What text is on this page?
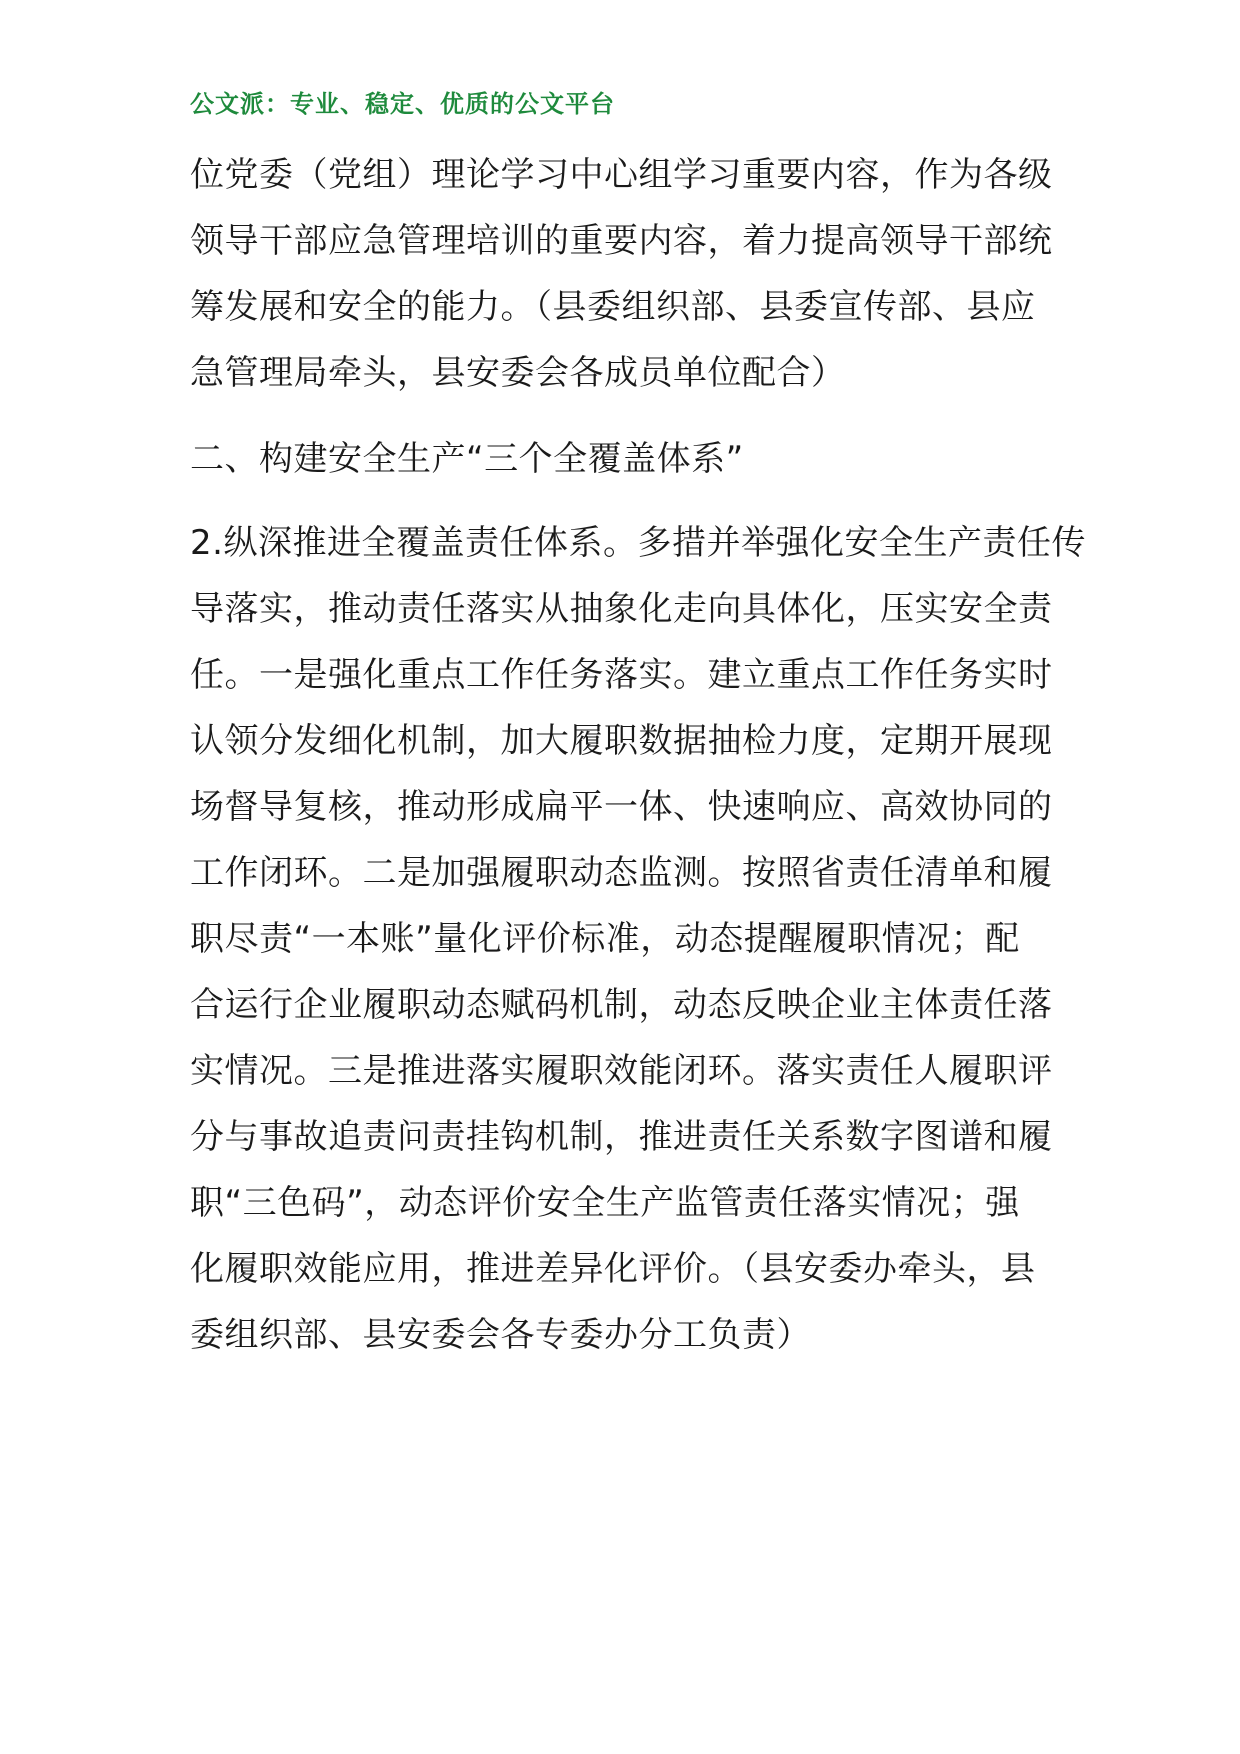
公文派：专业、稳定、优质的公文平台
位党委（党组）理论学习中心组学习重要内容，作为各级
领导干部应急管理培训的重要内容，着力提高领导干部统
筹发展和安全的能力。（县委组织部、县委宣传部、县应
急管理局牵头，县安委会各成员单位配合）
二、构建安全生产“三个全覆盖体系”
2.纵深推进全覆盖责任体系。多措并举强化安全生产责任传
导落实，推动责任落实从抽象化走向具体化，压实安全责
任。一是强化重点工作任务落实。建立重点工作任务实时
认领分发细化机制，加大履职数据抽检力度，定期开展现
场督导复核，推动形成扁平一体、快速响应、高效协同的
工作闭环。二是加强履职动态监测。按照省责任清单和履
职尽责“一本账”量化评价标准，动态提醒履职情况；配
合运行企业履职动态赋码机制，动态反映企业主体责任落
实情况。三是推进落实履职效能闭环。落实责任人履职评
分与事故追责问责挂钩机制，推进责任关系数字图谱和履
职“三色码”，动态评价安全生产监管责任落实情况；强
化履职效能应用，推进差异化评价。（县安委办牵头，县
委组织部、县安委会各专委办分工负责）
